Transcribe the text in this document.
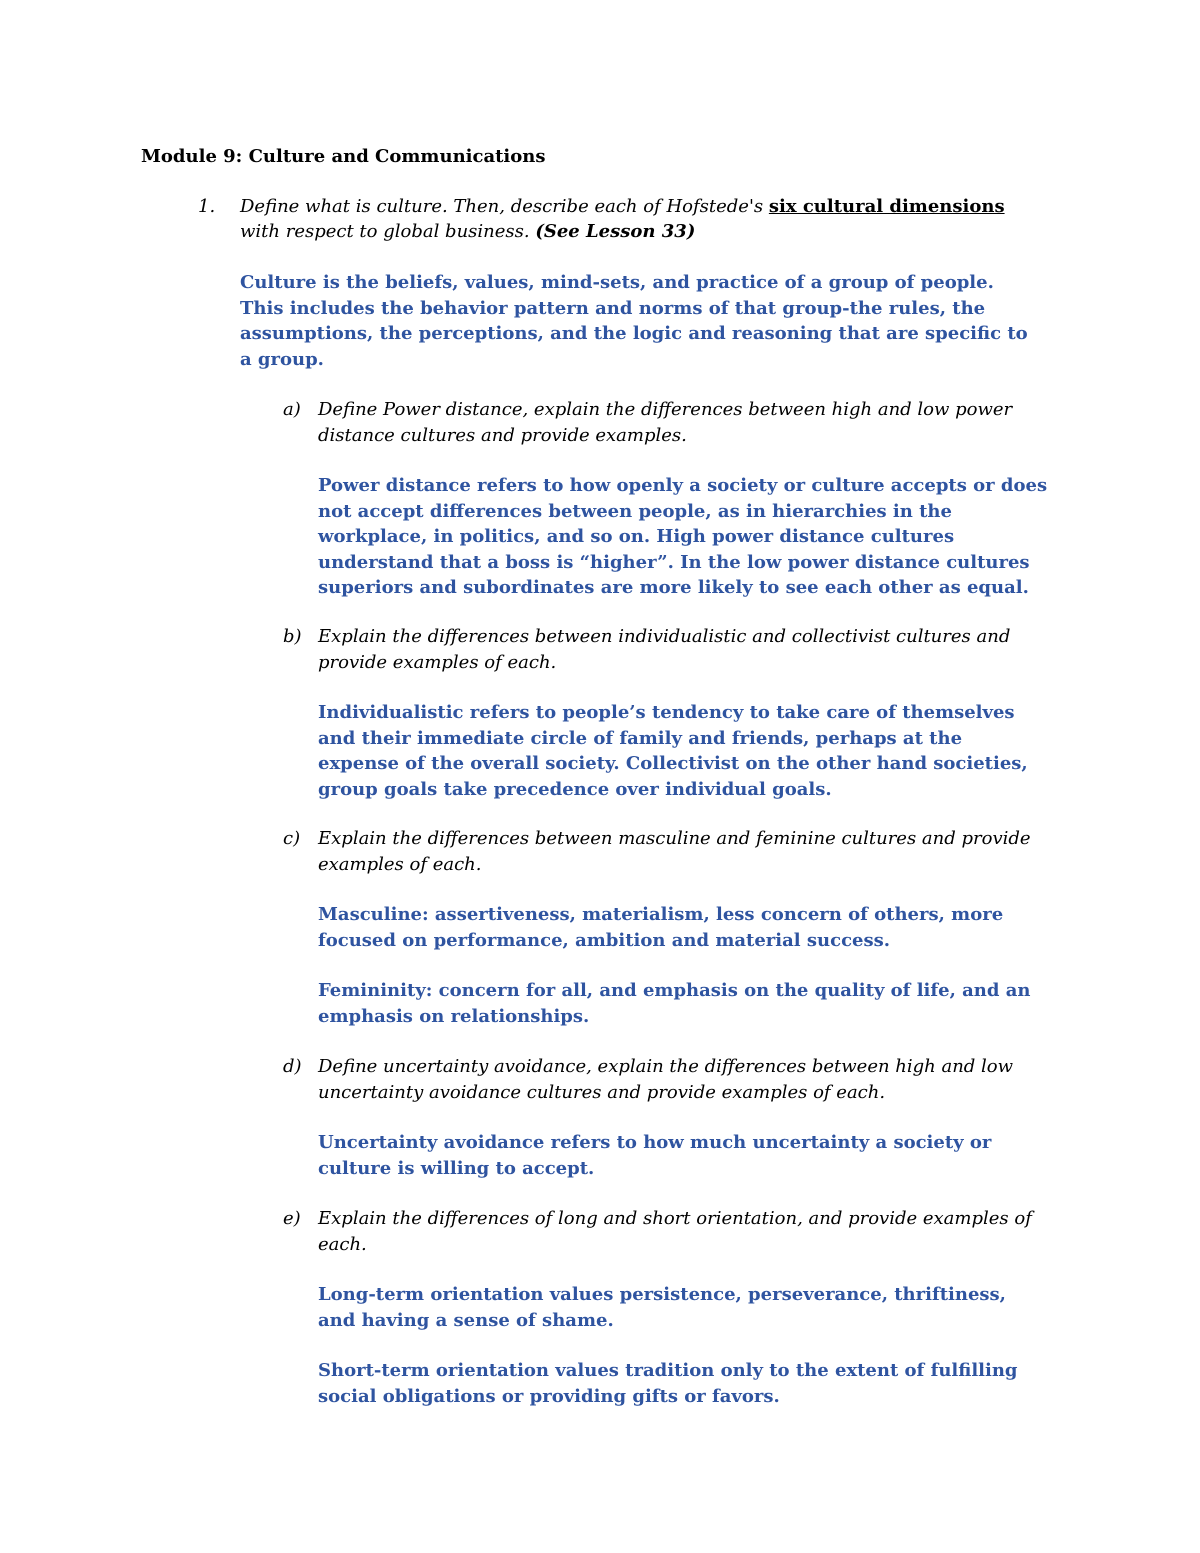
Module 9: Culture and Communications
1. Define what is culture. Then, describe each of Hofstede's six cultural dimensions with respect to global business. (See Lesson 33)
Culture is the beliefs, values, mind-sets, and practice of a group of people. This includes the behavior pattern and norms of that group-the rules, the assumptions, the perceptions, and the logic and reasoning that are specific to a group.
a) Define Power distance, explain the differences between high and low power distance cultures and provide examples.
Power distance refers to how openly a society or culture accepts or does not accept differences between people, as in hierarchies in the workplace, in politics, and so on. High power distance cultures understand that a boss is “higher”. In the low power distance cultures superiors and subordinates are more likely to see each other as equal.
b) Explain the differences between individualistic and collectivist cultures and provide examples of each.
Individualistic refers to people’s tendency to take care of themselves and their immediate circle of family and friends, perhaps at the expense of the overall society. Collectivist on the other hand societies, group goals take precedence over individual goals.
c) Explain the differences between masculine and feminine cultures and provide examples of each.
Masculine: assertiveness, materialism, less concern of others, more focused on performance, ambition and material success.
Femininity: concern for all, and emphasis on the quality of life, and an emphasis on relationships.
d) Define uncertainty avoidance, explain the differences between high and low uncertainty avoidance cultures and provide examples of each.
Uncertainty avoidance refers to how much uncertainty a society or culture is willing to accept.
e) Explain the differences of long and short orientation, and provide examples of each.
Long-term orientation values persistence, perseverance, thriftiness, and having a sense of shame.
Short-term orientation values tradition only to the extent of fulfilling social obligations or providing gifts or favors.
